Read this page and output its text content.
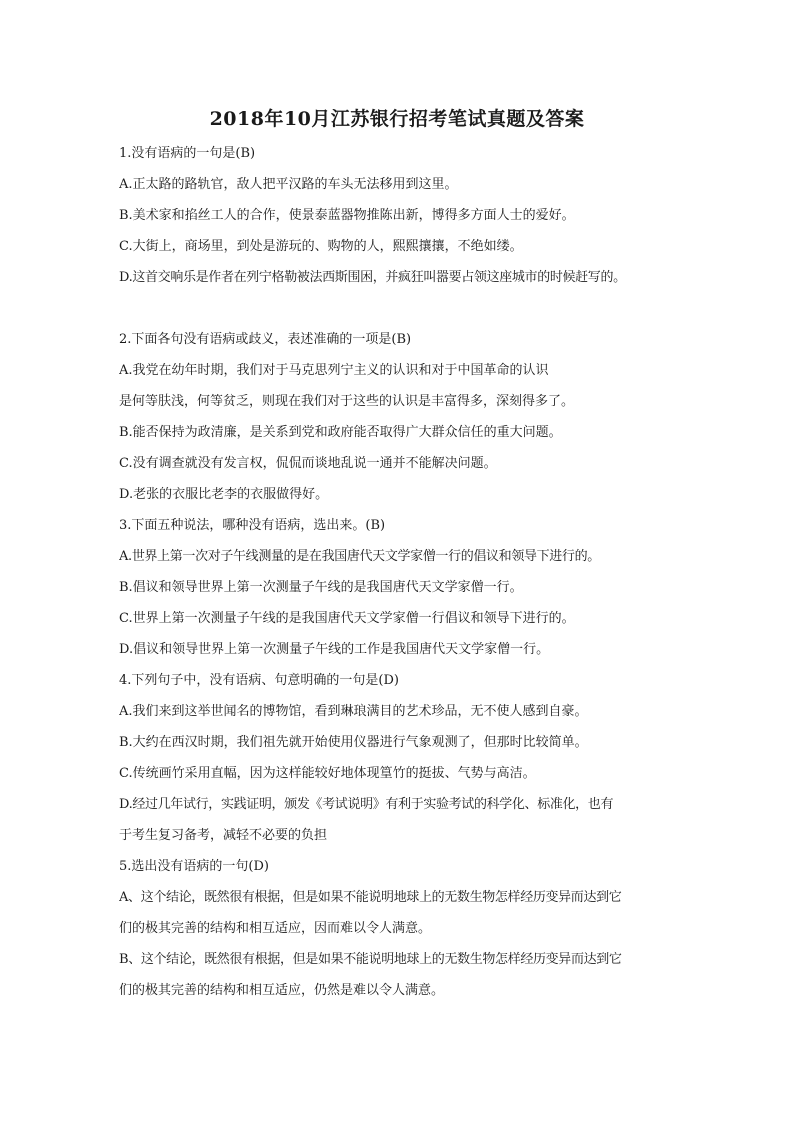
2018年10月江苏银行招考笔试真题及答案
1.没有语病的一句是(B)
A.正太路的路轨官，敌人把平汉路的车头无法移用到这里。
B.美术家和掐丝工人的合作，使景泰蓝器物推陈出新，博得多方面人士的爱好。
C.大街上，商场里，到处是游玩的、购物的人，熙熙攘攘，不绝如缕。
D.这首交响乐是作者在列宁格勒被法西斯围困，并疯狂叫嚣要占领这座城市的时候赶写的。
2.下面各句没有语病或歧义，表述准确的一项是(B)
A.我党在幼年时期，我们对于马克思列宁主义的认识和对于中国革命的认识
是何等肤浅，何等贫乏，则现在我们对于这些的认识是丰富得多，深刻得多了。
B.能否保持为政清廉，是关系到党和政府能否取得广大群众信任的重大问题。
C.没有调查就没有发言权，侃侃而谈地乱说一通并不能解决问题。
D.老张的衣服比老李的衣服做得好。
3.下面五种说法，哪种没有语病，选出来。(B)
A.世界上第一次对子午线测量的是在我国唐代天文学家僧一行的倡议和领导下进行的。
B.倡议和领导世界上第一次测量子午线的是我国唐代天文学家僧一行。
C.世界上第一次测量子午线的是我国唐代天文学家僧一行倡议和领导下进行的。
D.倡议和领导世界上第一次测量子午线的工作是我国唐代天文学家僧一行。
4.下列句子中，没有语病、句意明确的一句是(D)
A.我们来到这举世闻名的博物馆，看到琳琅满目的艺术珍品，无不使人感到自豪。
B.大约在西汉时期，我们祖先就开始使用仪器进行气象观测了，但那时比较简单。
C.传统画竹采用直幅，因为这样能较好地体现篁竹的挺拔、气势与高洁。
D.经过几年试行，实践证明，颁发《考试说明》有利于实验考试的科学化、标准化，也有
于考生复习备考，减轻不必要的负担
5.选出没有语病的一句(D)
A、这个结论，既然很有根据，但是如果不能说明地球上的无数生物怎样经历变异而达到它
们的极其完善的结构和相互适应，因而难以令人满意。
B、这个结论，既然很有根据，但是如果不能说明地球上的无数生物怎样经历变异而达到它
们的极其完善的结构和相互适应，仍然是难以令人满意。
